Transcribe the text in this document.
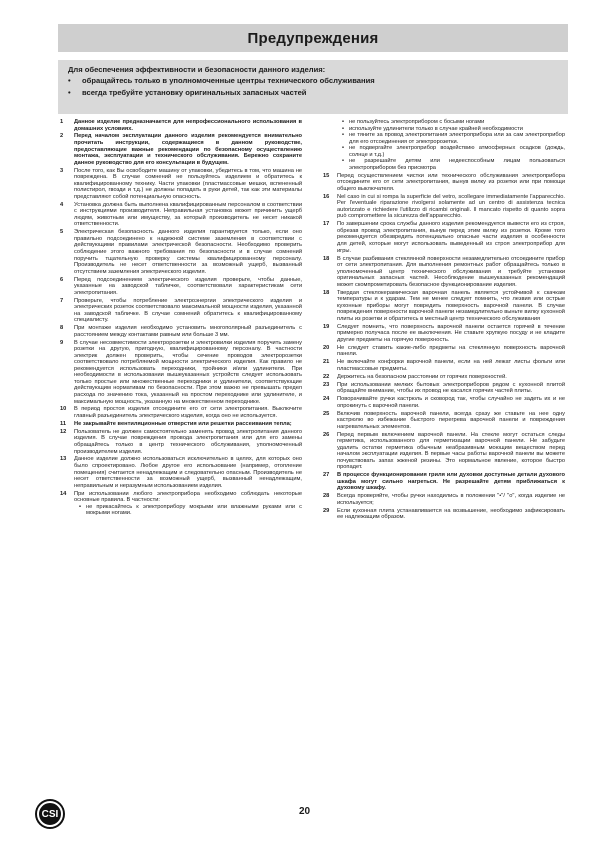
Предупреждения
Для обеспечения эффективности и безопасности данного изделия:
•	обращайтесь только в уполномоченные центры технического обслуживания
•	всегда требуйте установку оригинальных запасных частей
1	Данное изделие предназначается для непрофессионального использования в домашних условиях.
2	Перед началом эксплуатации данного изделия рекомендуется внимательно прочитать инструкции, содержащиеся в данном руководстве, предоставляющие важные рекомендации по безопасному осуществлению монтажа, эксплуатации и технического обслуживания. Бережно сохраните данное руководство для его консультации в будущем.
3	После того, как Вы освободите машину от упаковки, убедитесь в том, что машина не повреждена. В случае сомнений не пользуйтесь изделием и обратитесь к квалифицированному технику. Части упаковки (пластмассовые мешки, вспененный полистирол, гвозди и т.д.) не должны попадать в руки детей, так как эти материалы представляют собой потенциальную опасность.
4	Установка должна быть выполнена квалифицированным персоналом в соответствии с инструкциями производителя. Неправильная установка может причинить ущерб людям, животным или имуществу, за который производитель не несет никакой ответственности.
5	Электрическая безопасность данного изделия гарантируется только, если оно правильно подсоединено к надежной системе заземления в соответствии с действующими правилами электрической безопасности. Необходимо проверить соблюдение этого важного требования по безопасности и в случае сомнений поручить тщательную проверку системы квалифицированному персоналу. Производитель не несет ответственности за возможный ущерб, вызванный отсутствием заземления электрического изделия.
6	Перед подсоединением электрического изделия проверьте, чтобы данные, указанные на заводской табличке, соответствовали характеристикам сети электропитания.
7	Проверьте, чтобы потребление электроэнергии электрического изделия и электрических розеток соответствовало максимальной мощности изделия, указанной на заводской табличке. В случае сомнений обратитесь к квалифицированному специалисту.
8	При монтаже изделия необходимо установить многополярный разъединитель с расстоянием между контактами равным или больше 3 мм.
9	В случае несовместимости электророзетки и электровилки изделия поручить замену розетки на другую, пригодную, квалифицированному персоналу. В частности электрик должен проверить, чтобы сечение проводов электророзетки соответствовало потребляемой мощности электрического изделия. Как правило не рекомендуется использовать переходники, тройники и/или удлинители. При необходимости в использовании вышеуказанных устройств следует использовать только простые или множественные переходники и удлинители, соответствующие действующим нормативам по безопасности. При этом важно не превышать предел расхода по значению тока, указанный на простом переходнике или удлинителе, и максимальную мощность, указанную на множественном переходнике.
10	В период простоя изделия отсоедините его от сети электропитания. Выключите главный разъединитель электрического изделия, когда оно не используется.
11	Не закрывайте вентиляционные отверстия или решетки рассеивания тепла;
12	Пользователь не должен самостоятельно заменять провод электропитания данного изделия. В случае повреждения провода электропитания или для его замены обращайтесь только в центр технического обслуживания, уполномоченный производителем изделия.
13	Данное изделие должно использоваться исключительно в целях, для которых оно было спроектировано. Любое другое его использование (например, отопление помещения) считается ненадлежащим и следовательно опасным. Производитель не несет ответственности за возможный ущерб, вызванный ненадлежащим, неправильным и неразумным использованием изделия.
14	При использовании любого электроприбора необходимо соблюдать некоторые основные правила. В частности:
• не прикасайтесь к электроприбору мокрыми или влажными руками или с мокрыми ногами.
• не пользуйтесь электроприбором с босыми ногами
• используйте удлинители только в случае крайней необходимости
• не тяните за провод электропитания электроприбора или за сам электроприбор для его отсоединения от электророзетки.
• не подвергайте электроприбор воздействию атмосферных осадков (дождь, солнце и т.д.)
• не разрешайте детям или недееспособным лицам пользоваться электроприбором без присмотра
15	Перед осуществлением чистки или технического обслуживания электроприбора отсоедините его от сети электропитания, вынув вилку из розетки или при помощи общего выключателя.
16	Nel caso in cui si rompa la superficie del vetro, scollegare immediatamente l'apparecchio. Per l'eventuale riparazione rivolgersi solamente ad un centro di assistenza tecnica autorizzato e richiedere l'utilizzo di ricambi originali. Il mancato rispetto di quanto sopra può compromettere la sicurezza dell'apparecchio.
17	По завершении срока службы данного изделия рекомендуется вывести его из строя, обрезав провод электропитания, вынув перед этим вилку из розетки. Кроме того рекомендуется обезвредить потенциально опасные части изделия в особенности для детей, которые могут использовать выведенный из строя электроприбор для игры.
18	В случае разбивания стеклянной поверхности незамедлительно отсоедините прибор от сети электропитания. Для выполнения ремонтных работ обращайтесь только в уполномоченный центр технического обслуживания и требуйте установки оригинальных запасных частей. Несоблюдение вышеуказанных рекомендаций может скомпрометировать безопасное функционирование изделия.
18	Твердая стеклокерамическая варочная панель является устойчивой к скачкам температуры и к ударам. Тем не менее следует помнить, что лезвия или острые кухонные приборы могут повредить поверхность варочной панели. В случае повреждения поверхности варочной панели незамедлительно выньте вилку кухонной плиты из розетки и обратитесь в местный центр технического обслуживания
19	Следует помнить, что поверхность варочной панели остается горячей в течение примерно получаса после ее выключения. Не ставьте хрупкую посуду и не кладите другие предметы на горячую поверхность.
20	Не следует ставить какие-либо предметы на стеклянную поверхность варочной панели.
21	Не включайте конфорки варочной панели, если на ней лежат листы фольги или пластмассовые предметы.
22	Держитесь на безопасном расстоянии от горячих поверхностей.
23	При использовании мелких бытовых электроприборов рядом с кухонной плитой обращайте внимание, чтобы их провод не касался горячих частей плиты.
24	Поворачивайте ручки кастрюль и сковород так, чтобы случайно не задеть их и не опрокинуть с варочной панели.
25	Включив поверхность варочной панели, всегда сразу же ставьте на нее одну кастрюлю во избежание быстрого перегрева варочной панели и повреждения нагревательных элементов.
26	Перед первым включением варочной панели. На стекле могут остаться следы герметика, использованного для герметизации варочной панели. Не забудьте удалить остатки герметика обычным неабразивным моющим веществом перед началом эксплуатации изделия. В первые часы работы варочной панели вы можете почувствовать запах жженой резины. Это нормальное явление, которое быстро пропадет.
27	В процессе функционирования гриля или духовки доступные детали духового шкафа могут сильно нагреться. Не разрешайте детям приближаться к духовому шкафу.
28	Всегда проверяйте, чтобы ручки находились в положении "•"/ "о", когда изделие не используется;
29	Если кухонная плита устанавливается на возвышение, необходимо зафиксировать ее надлежащим образом.
CSI	20
